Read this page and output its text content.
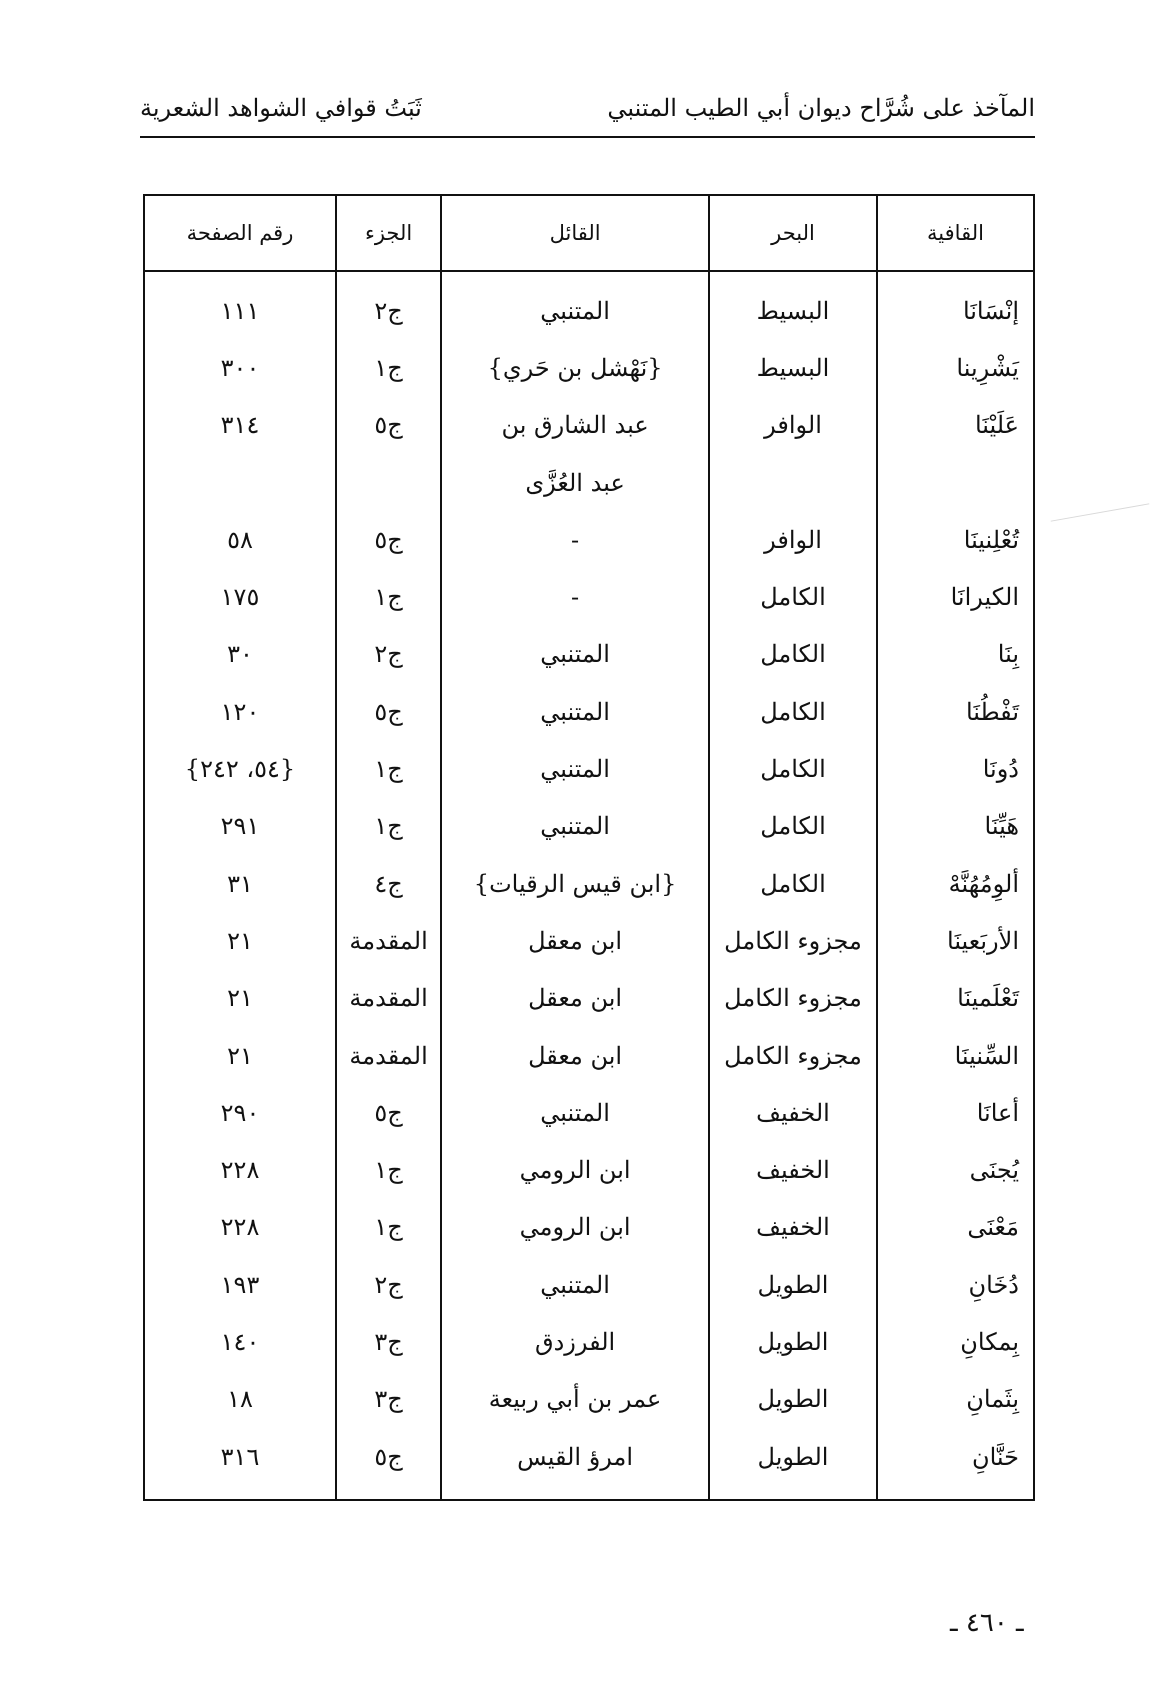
المآخذ على شُرَّاح ديوان أبي الطيب المتنبي
ثَبَتُ قوافي الشواهد الشعرية
القافية	البحر	القائل	الجزء	رقم الصفحة
إنْسَانَا	البسيط	المتنبي	ج٢	١١١
يَشْرِينا	البسيط	{نَهْشل بن حَري}	ج١	٣٠٠
عَلَيْنَا	الوافر	عبد الشارق بن	ج٥	٣١٤
		عبد العُزَّى		
تُعْلِنينَا	الوافر	-	ج٥	٥٨
الكيرانَا	الكامل	-	ج١	١٧٥
بِنَا	الكامل	المتنبي	ج٢	٣٠
تَفْطُنَا	الكامل	المتنبي	ج٥	١٢٠
دُونَا	الكامل	المتنبي	ج١	{٥٤، ٢٤٢}
هَيِّنَا	الكامل	المتنبي	ج١	٢٩١
ألوِمُهُنَّهْ	الكامل	{ابن قيس الرقيات}	ج٤	٣١
الأربَعينَا	مجزوء الكامل	ابن معقل	المقدمة	٢١
تَعْلَمينَا	مجزوء الكامل	ابن معقل	المقدمة	٢١
السِّنينَا	مجزوء الكامل	ابن معقل	المقدمة	٢١
أعانَا	الخفيف	المتنبي	ج٥	٢٩٠
يُجنَى	الخفيف	ابن الرومي	ج١	٢٢٨
مَعْنَى	الخفيف	ابن الرومي	ج١	٢٢٨
دُخَانِ	الطويل	المتنبي	ج٢	١٩٣
بِمكانِ	الطويل	الفرزدق	ج٣	١٤٠
بِثَمانِ	الطويل	عمر بن أبي ربيعة	ج٣	١٨
حَنَّانِ	الطويل	امرؤ القيس	ج٥	٣١٦
ـ ٤٦٠ ـ
